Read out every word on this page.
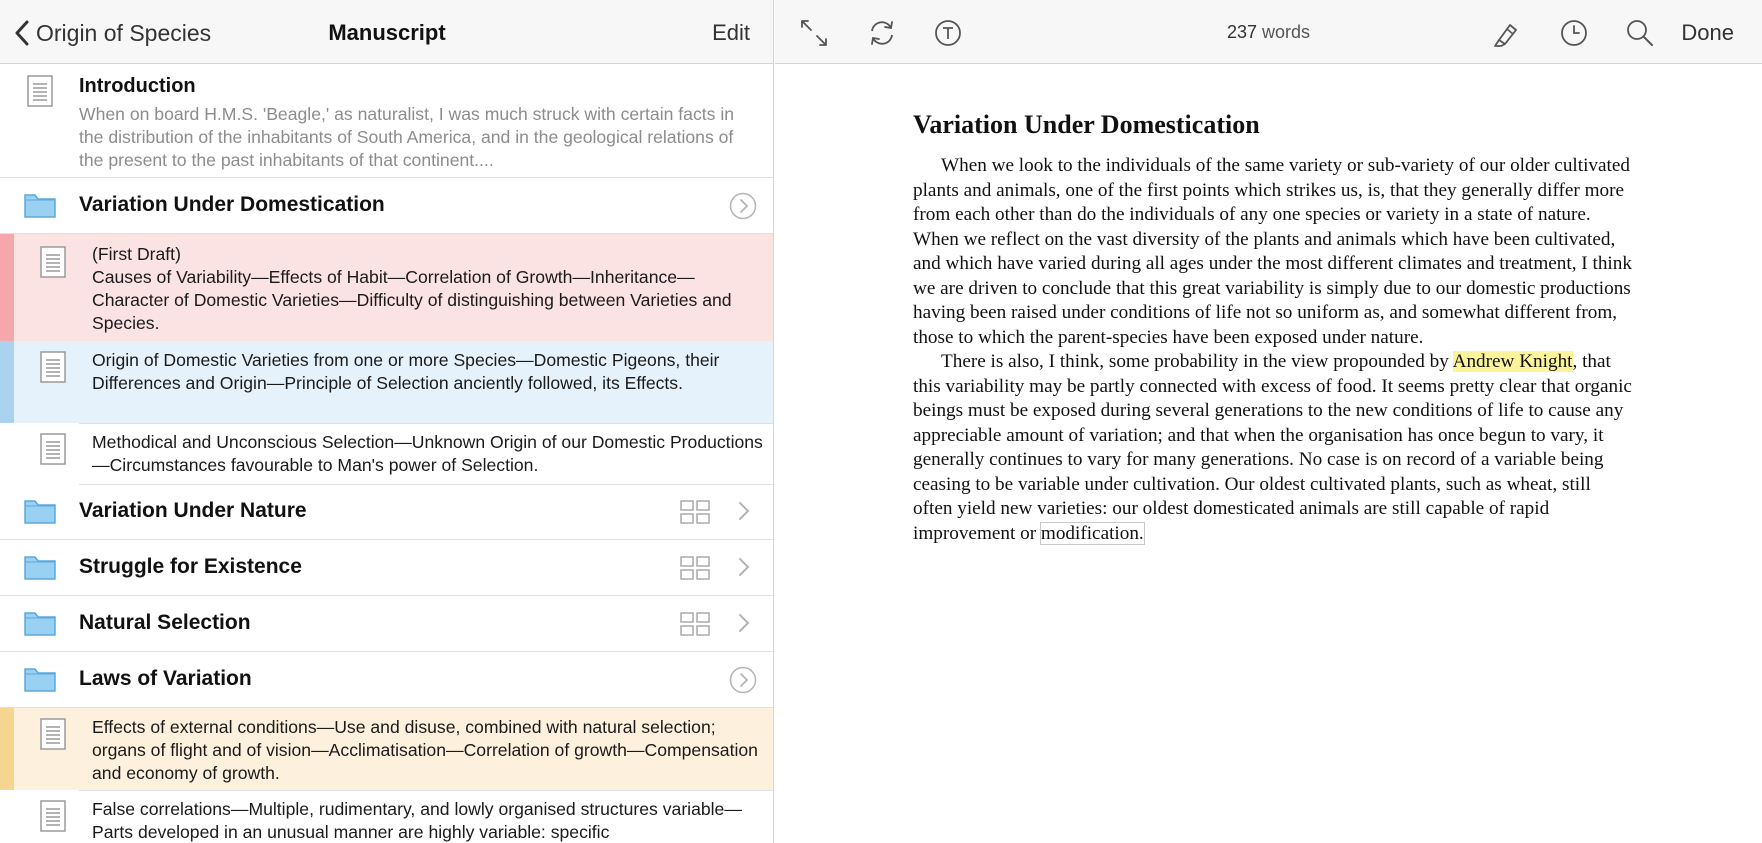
Origin of Species	Manuscript	Edit
Introduction
When on board H.M.S. 'Beagle,' as naturalist, I was much struck with certain facts in the distribution of the inhabitants of South America, and in the geological relations of the present to the past inhabitants of that continent....
Variation Under Domestication
(First Draft)
Causes of Variability—Effects of Habit—Correlation of Growth—Inheritance—Character of Domestic Varieties—Difficulty of distinguishing between Varieties and Species.
Origin of Domestic Varieties from one or more Species—Domestic Pigeons, their Differences and Origin—Principle of Selection anciently followed, its Effects.
Methodical and Unconscious Selection—Unknown Origin of our Domestic Productions—Circumstances favourable to Man's power of Selection.
Variation Under Nature
Struggle for Existence
Natural Selection
Laws of Variation
Effects of external conditions—Use and disuse, combined with natural selection; organs of flight and of vision—Acclimatisation—Correlation of growth—Compensation and economy of growth.
False correlations—Multiple, rudimentary, and lowly organised structures variable—Parts developed in an unusual manner are highly variable: specific
237 words	Done
Variation Under Domestication

When we look to the individuals of the same variety or sub-variety of our older cultivated plants and animals, one of the first points which strikes us, is, that they generally differ more from each other than do the individuals of any one species or variety in a state of nature. When we reflect on the vast diversity of the plants and animals which have been cultivated, and which have varied during all ages under the most different climates and treatment, I think we are driven to conclude that this great variability is simply due to our domestic productions having been raised under conditions of life not so uniform as, and somewhat different from, those to which the parent-species have been exposed under nature.

There is also, I think, some probability in the view propounded by Andrew Knight, that this variability may be partly connected with excess of food. It seems pretty clear that organic beings must be exposed during several generations to the new conditions of life to cause any appreciable amount of variation; and that when the organisation has once begun to vary, it generally continues to vary for many generations. No case is on record of a variable being ceasing to be variable under cultivation. Our oldest cultivated plants, such as wheat, still often yield new varieties: our oldest domesticated animals are still capable of rapid improvement or modification.
